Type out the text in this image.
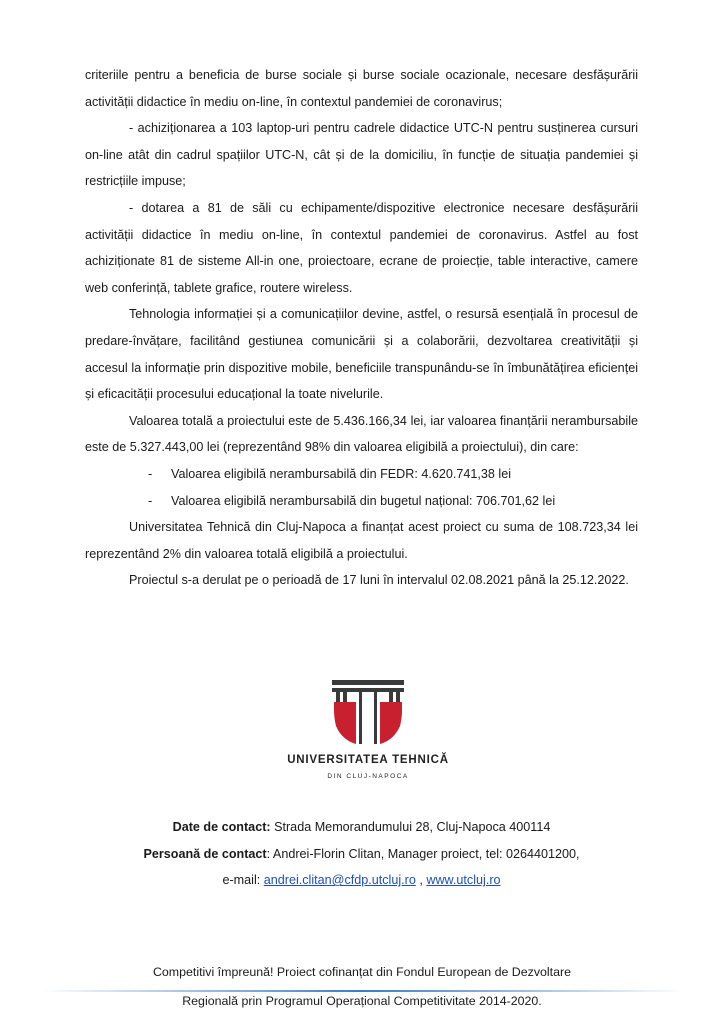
criteriile pentru a beneficia de burse sociale și burse sociale ocazionale, necesare desfășurării activității didactice în mediu on-line, în contextul pandemiei de coronavirus;

- achiziționarea a 103 laptop-uri pentru cadrele didactice UTC-N pentru susținerea cursuri on-line atât din cadrul spațiilor UTC-N, cât și de la domiciliu, în funcție de situația pandemiei și restricțiile impuse;

- dotarea a 81 de săli cu echipamente/dispozitive electronice necesare desfășurării activității didactice în mediu on-line, în contextul pandemiei de coronavirus. Astfel au fost achiziționate 81 de sisteme All-in one, proiectoare, ecrane de proiecție, table interactive, camere web conferință, tablete grafice, routere wireless.

Tehnologia informației și a comunicațiilor devine, astfel, o resursă esențială în procesul de predare-învățare, facilitând gestiunea comunicării și a colaborării, dezvoltarea creativității și accesul la informație prin dispozitive mobile, beneficiile transpunându-se în îmbunătățirea eficienței și eficacității procesului educațional la toate nivelurile.

Valoarea totală a proiectului este de 5.436.166,34 lei, iar valoarea finanțării nerambursabile este de 5.327.443,00 lei (reprezentând 98% din valoarea eligibilă a proiectului), din care:

-	Valoarea eligibilă nerambursabilă din FEDR: 4.620.741,38 lei
-	Valoarea eligibilă nerambursabilă din bugetul național: 706.701,62 lei

Universitatea Tehnică din Cluj-Napoca a finanțat acest proiect cu suma de 108.723,34 lei reprezentând 2% din valoarea totală eligibilă a proiectului.

Proiectul s-a derulat pe o perioadă de 17 luni în intervalul 02.08.2021 până la 25.12.2022.

UNIVERSITATEA TEHNICĂ
DIN CLUJ-NAPOCA

Date de contact: Strada Memorandumului 28, Cluj-Napoca 400114

Persoană de contact: Andrei-Florin Clitan, Manager proiect, tel: 0264401200,

e-mail: andrei.clitan@cfdp.utcluj.ro , www.utcluj.ro

Competitivi împreună! Proiect cofinanțat din Fondul European de Dezvoltare
Regională prin Programul Operațional Competitivitate 2014-2020.
